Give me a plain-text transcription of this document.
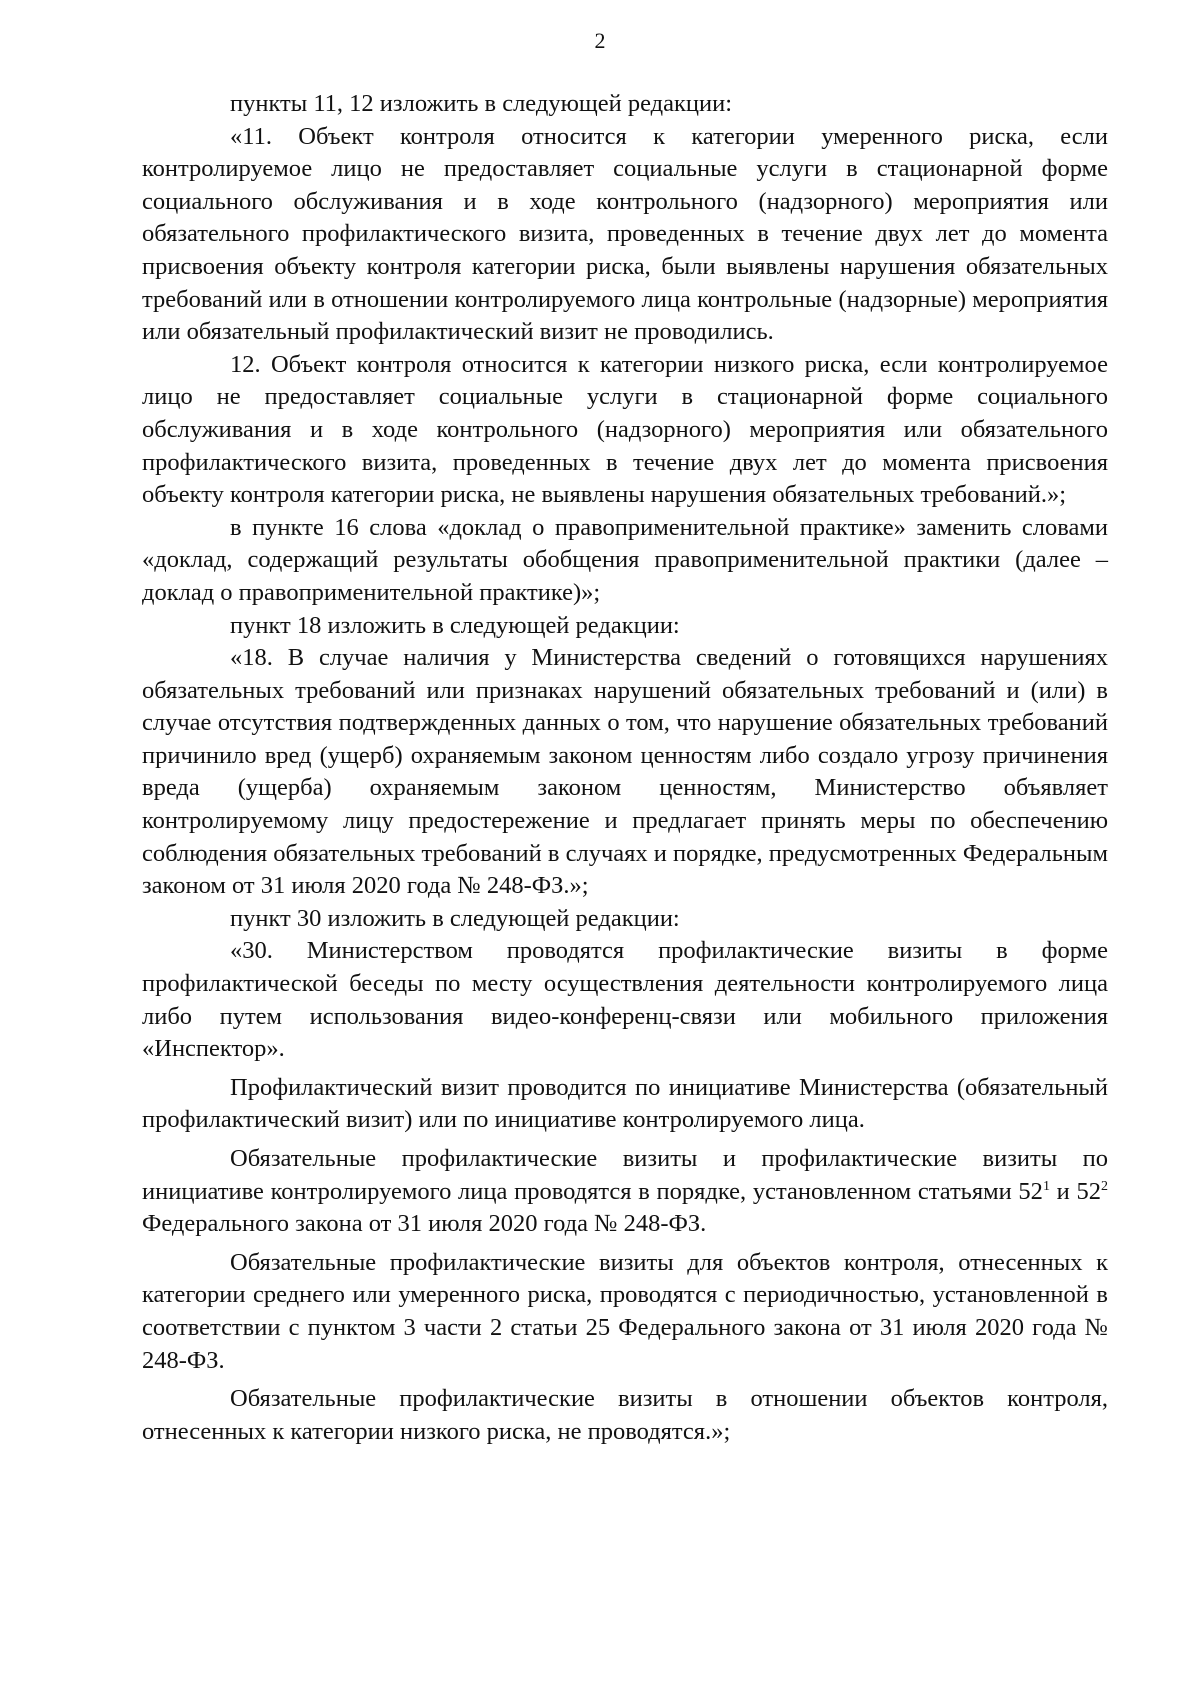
2

пункты 11, 12 изложить в следующей редакции:

«11. Объект контроля относится к категории умеренного риска, если контролируемое лицо не предоставляет социальные услуги в стационарной форме социального обслуживания и в ходе контрольного (надзорного) мероприятия или обязательного профилактического визита, проведенных в течение двух лет до момента присвоения объекту контроля категории риска, были выявлены нарушения обязательных требований или в отношении контролируемого лица контрольные (надзорные) мероприятия или обязательный профилактический визит не проводились.

12. Объект контроля относится к категории низкого риска, если контролируемое лицо не предоставляет социальные услуги в стационарной форме социального обслуживания и в ходе контрольного (надзорного) мероприятия или обязательного профилактического визита, проведенных в течение двух лет до момента присвоения объекту контроля категории риска, не выявлены нарушения обязательных требований.»;

в пункте 16 слова «доклад о правоприменительной практике» заменить словами «доклад, содержащий результаты обобщения правоприменительной практики (далее – доклад о правоприменительной практике)»;

пункт 18 изложить в следующей редакции:

«18. В случае наличия у Министерства сведений о готовящихся нарушениях обязательных требований или признаках нарушений обязательных требований и (или) в случае отсутствия подтвержденных данных о том, что нарушение обязательных требований причинило вред (ущерб) охраняемым законом ценностям либо создало угрозу причинения вреда (ущерба) охраняемым законом ценностям, Министерство объявляет контролируемому лицу предостережение и предлагает принять меры по обеспечению соблюдения обязательных требований в случаях и порядке, предусмотренных Федеральным законом от 31 июля 2020 года № 248-ФЗ.»;

пункт 30 изложить в следующей редакции:

«30. Министерством проводятся профилактические визиты в форме профилактической беседы по месту осуществления деятельности контролируемого лица либо путем использования видео-конференц-связи или мобильного приложения «Инспектор».

Профилактический визит проводится по инициативе Министерства (обязательный профилактический визит) или по инициативе контролируемого лица.

Обязательные профилактические визиты и профилактические визиты по инициативе контролируемого лица проводятся в порядке, установленном статьями $52^1$ и $52^2$ Федерального закона от 31 июля 2020 года № 248-ФЗ.

Обязательные профилактические визиты для объектов контроля, отнесенных к категории среднего или умеренного риска, проводятся с периодичностью, установленной в соответствии с пунктом 3 части 2 статьи 25 Федерального закона от 31 июля 2020 года № 248-ФЗ.

Обязательные профилактические визиты в отношении объектов контроля, отнесенных к категории низкого риска, не проводятся.»;
